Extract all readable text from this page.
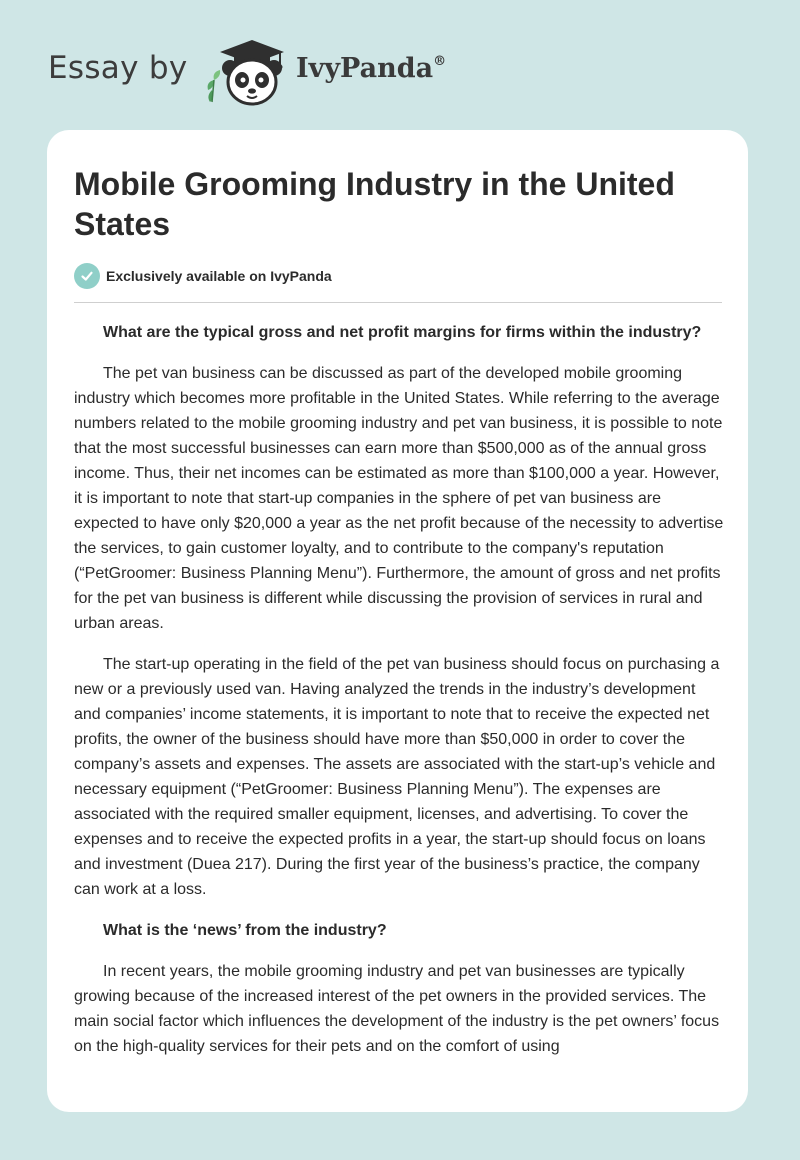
Essay by	IvyPanda®
Mobile Grooming Industry in the United States
Exclusively available on IvyPanda

What are the typical gross and net profit margins for firms within the industry?

The pet van business can be discussed as part of the developed mobile grooming industry which becomes more profitable in the United States. While referring to the average numbers related to the mobile grooming industry and pet van business, it is possible to note that the most successful businesses can earn more than $500,000 as of the annual gross income. Thus, their net incomes can be estimated as more than $100,000 a year. However, it is important to note that start-up companies in the sphere of pet van business are expected to have only $20,000 a year as the net profit because of the necessity to advertise the services, to gain customer loyalty, and to contribute to the company's reputation (“PetGroomer: Business Planning Menu”). Furthermore, the amount of gross and net profits for the pet van business is different while discussing the provision of services in rural and urban areas.

The start-up operating in the field of the pet van business should focus on purchasing a new or a previously used van. Having analyzed the trends in the industry’s development and companies’ income statements, it is important to note that to receive the expected net profits, the owner of the business should have more than $50,000 in order to cover the company’s assets and expenses. The assets are associated with the start-up’s vehicle and necessary equipment (“PetGroomer: Business Planning Menu”). The expenses are associated with the required smaller equipment, licenses, and advertising. To cover the expenses and to receive the expected profits in a year, the start-up should focus on loans and investment (Duea 217). During the first year of the business’s practice, the company can work at a loss.

What is the ‘news’ from the industry?

In recent years, the mobile grooming industry and pet van businesses are typically growing because of the increased interest of the pet owners in the provided services. The main social factor which influences the development of the industry is the pet owners’ focus on the high-quality services for their pets and on the comfort of using
